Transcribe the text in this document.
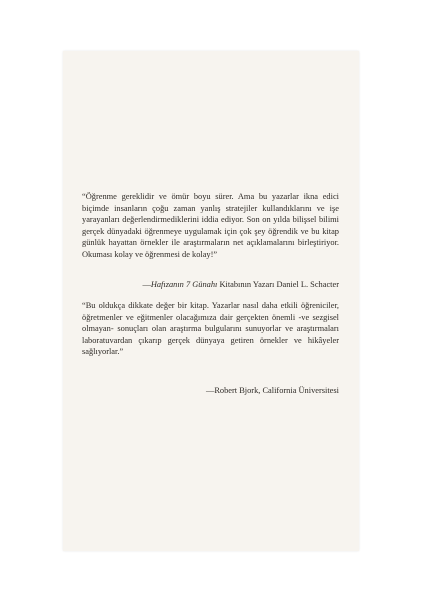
“Öğrenme gereklidir ve ömür boyu sürer. Ama bu yazarlar ikna edici biçimde insanların çoğu zaman yanlış stratejiler kullandıklarını ve işe yarayanları değerlendirmediklerini iddia ediyor. Son on yılda bilişsel bilimi gerçek dünyadaki öğrenmeye uygulamak için çok şey öğrendik ve bu kitap günlük hayattan örnekler ile araştırmaların net açıklamalarını birleştiriyor. Okuması kolay ve öğrenmesi de kolay!”

—Hafızanın 7 Günahı Kitabının Yazarı Daniel L. Schacter

“Bu oldukça dikkate değer bir kitap. Yazarlar nasıl daha etkili öğreniciler, öğretmenler ve eğitmenler olacağımıza dair gerçekten önemli -ve sezgisel olmayan- sonuçları olan araştırma bulgularını sunuyorlar ve araştırmaları laboratuvardan çıkarıp gerçek dünyaya getiren örnekler ve hikâyeler sağlıyorlar.”

—Robert Bjork, California Üniversitesi
